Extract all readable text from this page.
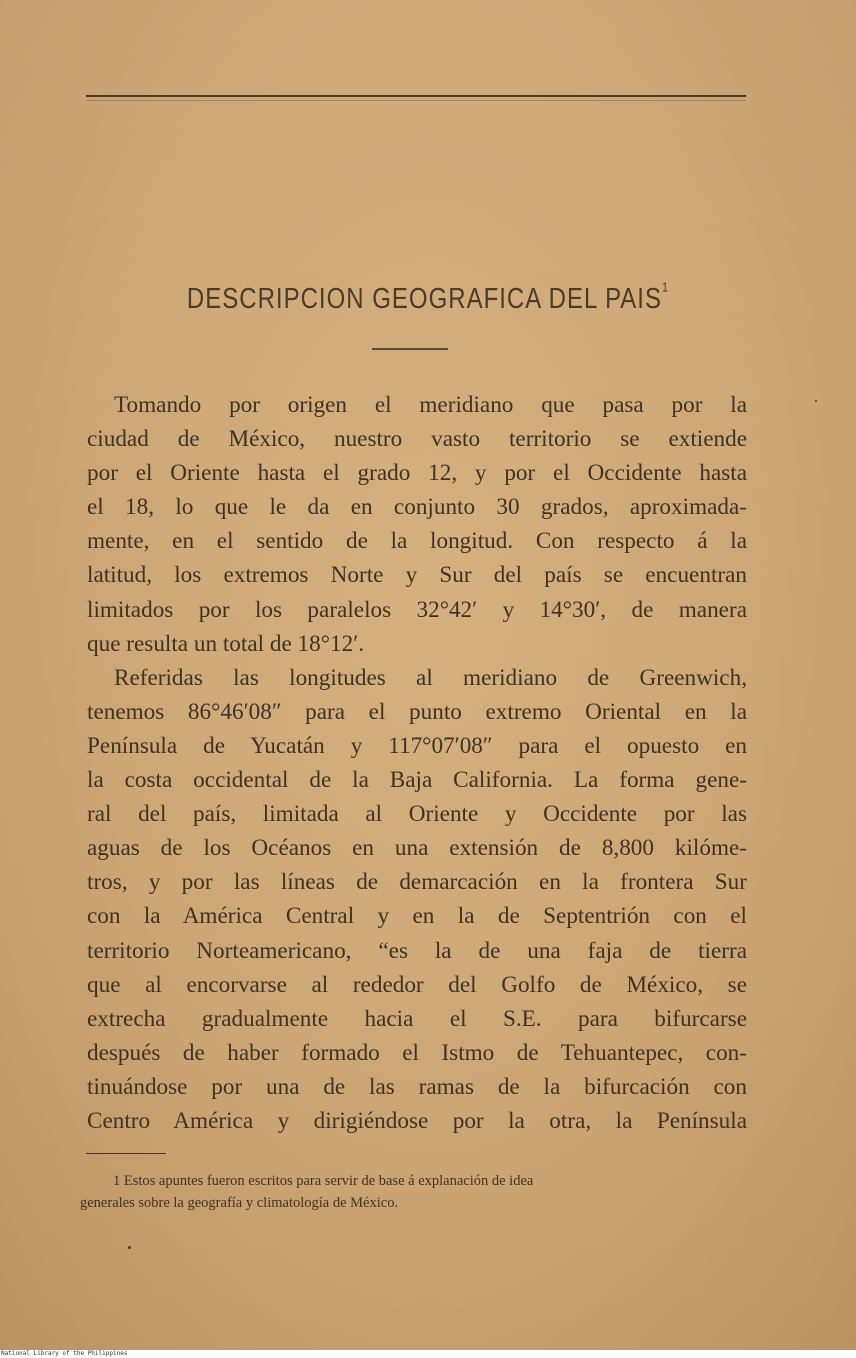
DESCRIPCION GEOGRAFICA DEL PAIS$^1$
Tomando por origen el meridiano que pasa por la
ciudad de México, nuestro vasto territorio se extiende
por el Oriente hasta el grado 12, y por el Occidente hasta
el 18, lo que le da en conjunto 30 grados, aproximada-
mente, en el sentido de la longitud. Con respecto á la
latitud, los extremos Norte y Sur del país se encuentran
limitados por los paralelos 32°42′ y 14°30′, de manera
que resulta un total de 18°12′.
Referidas las longitudes al meridiano de Greenwich,
tenemos 86°46′08″ para el punto extremo Oriental en la
Península de Yucatán y 117°07′08″ para el opuesto en
la costa occidental de la Baja California. La forma gene-
ral del país, limitada al Oriente y Occidente por las
aguas de los Océanos en una extensión de 8,800 kilóme-
tros, y por las líneas de demarcación en la frontera Sur
con la América Central y en la de Septentrión con el
territorio Norteamericano, “es la de una faja de tierra
que al encorvarse al rededor del Golfo de México, se
extrecha gradualmente hacia el S.E. para bifurcarse
después de haber formado el Istmo de Tehuantepec, con-
tinuándose por una de las ramas de la bifurcación con
Centro América y dirigiéndose por la otra, la Península
1 Estos apuntes fueron escritos para servir de base á explanación de idea
generales sobre la geografía y climatología de México.
National Library of the Philippines
